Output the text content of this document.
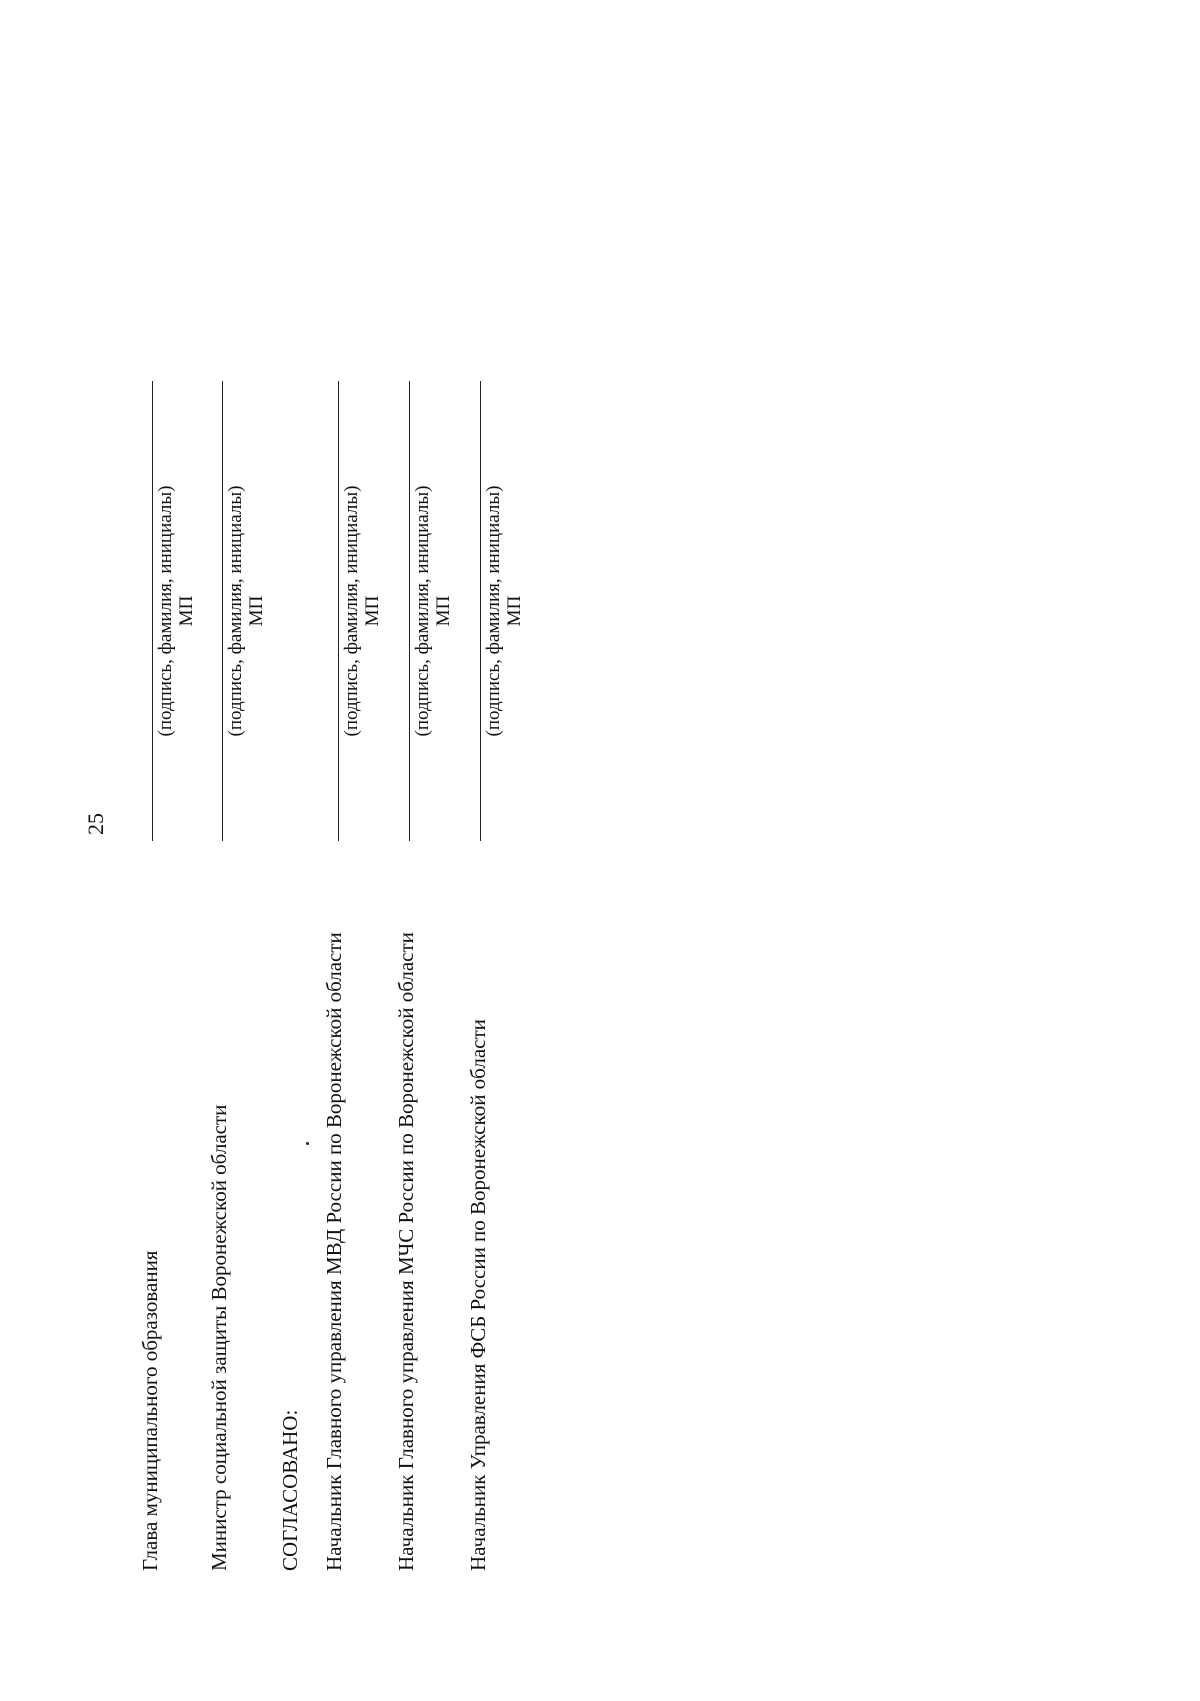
25
Глава муниципального образования Министр социальной защиты Воронежской области СОГЛАСОВАНО: Начальник Главного управления МВД России по Воронежской области Начальник Главного управления МЧС России по Воронежской области Начальник Управления ФСБ России по Воронежской области
(подпись, фамилия, инициалы) МП (подпись, фамилия, инициалы) МП	(подпись, фамилия, инициалы) МП (подпись, фамилия, инициалы) МП (подпись, фамилия, инициалы) МП
